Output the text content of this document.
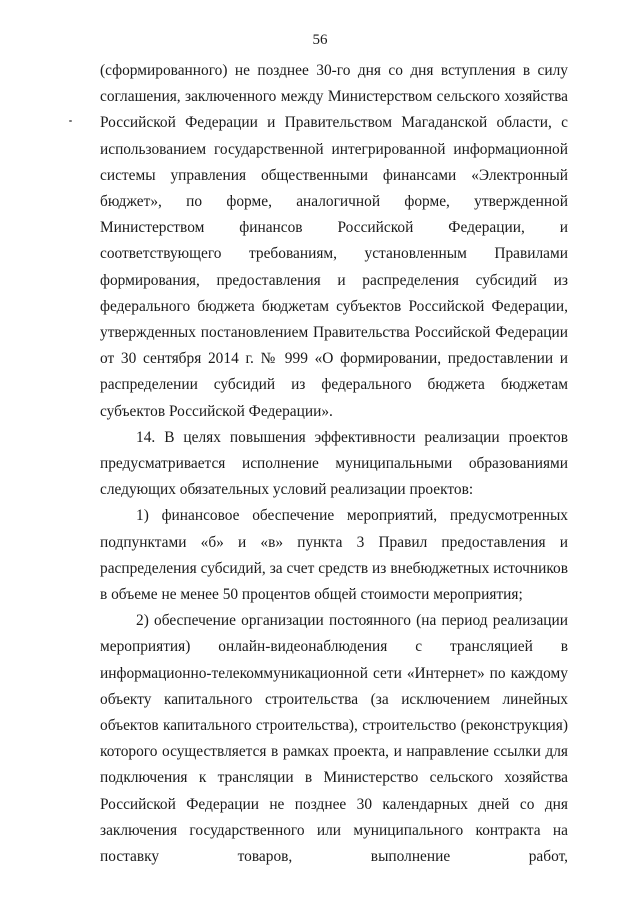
56

(сформированного) не позднее 30-го дня со дня вступления в силу соглашения, заключенного между Министерством сельского хозяйства Российской Федерации и Правительством Магаданской области, с использованием государственной интегрированной информационной системы управления общественными финансами «Электронный бюджет», по форме, аналогичной форме, утвержденной Министерством финансов Российской Федерации, и соответствующего требованиям, установленным Правилами формирования, предоставления и распределения субсидий из федерального бюджета бюджетам субъектов Российской Федерации, утвержденных постановлением Правительства Российской Федерации от 30 сентября 2014 г. № 999 «О формировании, предоставлении и распределении субсидий из федерального бюджета бюджетам субъектов Российской Федерации».

14. В целях повышения эффективности реализации проектов предусматривается исполнение муниципальными образованиями следующих обязательных условий реализации проектов:

1) финансовое обеспечение мероприятий, предусмотренных подпунктами «б» и «в» пункта 3 Правил предоставления и распределения субсидий, за счет средств из внебюджетных источников в объеме не менее 50 процентов общей стоимости мероприятия;

2) обеспечение организации постоянного (на период реализации мероприятия) онлайн-видеонаблюдения с трансляцией в информационно-телекоммуникационной сети «Интернет» по каждому объекту капитального строительства (за исключением линейных объектов капитального строительства), строительство (реконструкция) которого осуществляется в рамках проекта, и направление ссылки для подключения к трансляции в Министерство сельского хозяйства Российской Федерации не позднее 30 календарных дней со дня заключения государственного или муниципального контракта на поставку товаров, выполнение работ,
